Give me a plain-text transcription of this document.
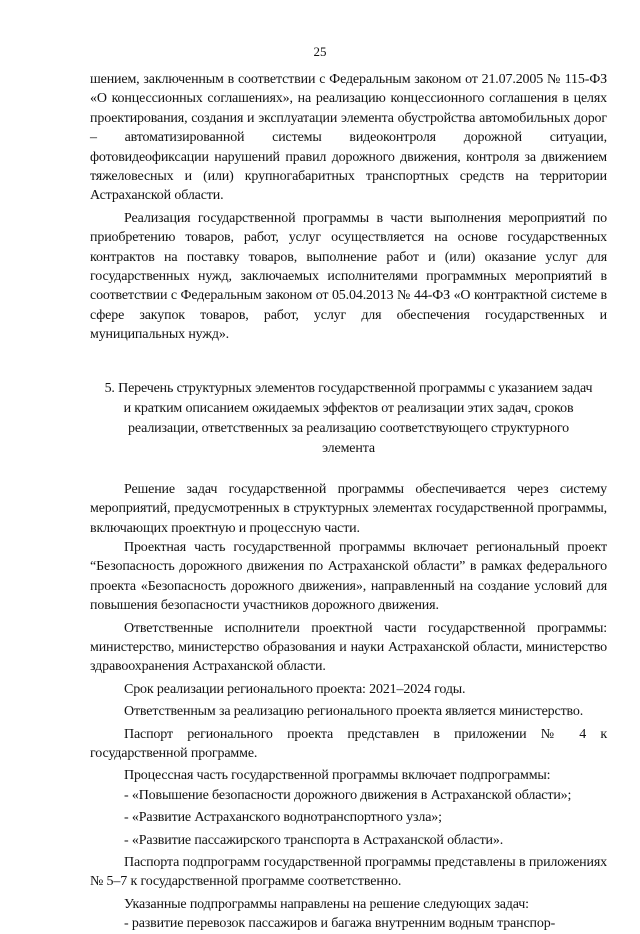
25

шением, заключенным в соответствии с Федеральным законом от 21.07.2005 № 115-ФЗ «О концессионных соглашениях», на реализацию концессионного соглашения в целях проектирования, создания и эксплуатации элемента обустройства автомобильных дорог – автоматизированной системы видеоконтроля дорожной ситуации, фотовидеофиксации нарушений правил дорожного движения, контроля за движением тяжеловесных и (или) крупногабаритных транспортных средств на территории Астраханской области.

Реализация государственной программы в части выполнения мероприятий по приобретению товаров, работ, услуг осуществляется на основе государственных контрактов на поставку товаров, выполнение работ и (или) оказание услуг для государственных нужд, заключаемых исполнителями программных мероприятий в соответствии с Федеральным законом от 05.04.2013 № 44-ФЗ «О контрактной системе в сфере закупок товаров, работ, услуг для обеспечения государственных и муниципальных нужд».

5. Перечень структурных элементов государственной программы с указанием задач и кратким описанием ожидаемых эффектов от реализации этих задач, сроков реализации, ответственных за реализацию соответствующего структурного элемента

Решение задач государственной программы обеспечивается через систему мероприятий, предусмотренных в структурных элементах государственной программы, включающих проектную и процессную части.

Проектная часть государственной программы включает региональный проект “Безопасность дорожного движения по Астраханской области” в рамках федерального проекта «Безопасность дорожного движения», направленный на создание условий для повышения безопасности участников дорожного движения.

Ответственные исполнители проектной части государственной программы: министерство, министерство образования и науки Астраханской области, министерство здравоохранения Астраханской области.

Срок реализации регионального проекта: 2021–2024 годы.

Ответственным за реализацию регионального проекта является министерство.

Паспорт регионального проекта представлен в приложении № 4 к государственной программе.

Процессная часть государственной программы включает подпрограммы:

- «Повышение безопасности дорожного движения в Астраханской области»;

- «Развитие Астраханского воднотранспортного узла»;

- «Развитие пассажирского транспорта в Астраханской области».

Паспорта подпрограмм государственной программы представлены в приложениях № 5–7 к государственной программе соответственно.

Указанные подпрограммы направлены на решение следующих задач:

- развитие перевозок пассажиров и багажа внутренним водным транспор-
